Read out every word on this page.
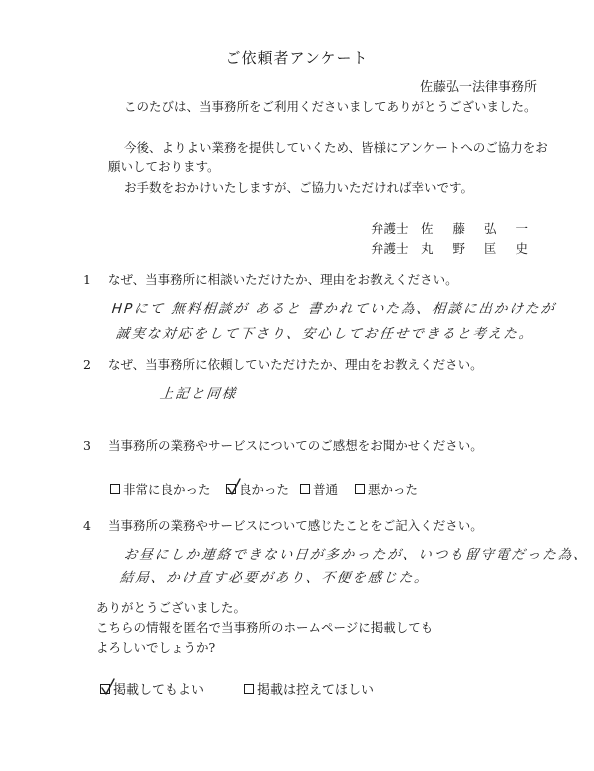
ご依頼者アンケート
佐藤弘一法律事務所
このたびは、当事務所をご利用くださいましてありがとうございました。
今後、よりよい業務を提供していくため、皆様にアンケートへのご協力をお
願いしております。
お手数をおかけいたしますが、ご協力いただければ幸いです。
弁護士 佐 藤 弘 一
弁護士 丸 野 匡 史
1 なぜ、当事務所に相談いただけたか、理由をお教えください。
HPにて 無料相談が あると 書かれていた為、相談に出かけたが
誠実な対応をして下さり、安心してお任せできると考えた。
2 なぜ、当事務所に依頼していただけたか、理由をお教えください。
上記と同様
3 当事務所の業務やサービスについてのご感想をお聞かせください。
非常に良かった 良かった 普通 悪かった
4 当事務所の業務やサービスについて感じたことをご記入ください。
お昼にしか連絡できない日が多かったが、いつも留守電だった為、
結局、かけ直す必要があり、不便を感じた。
ありがとうございました。
こちらの情報を匿名で当事務所のホームページに掲載しても
よろしいでしょうか?
掲載してもよい	掲載は控えてほしい
